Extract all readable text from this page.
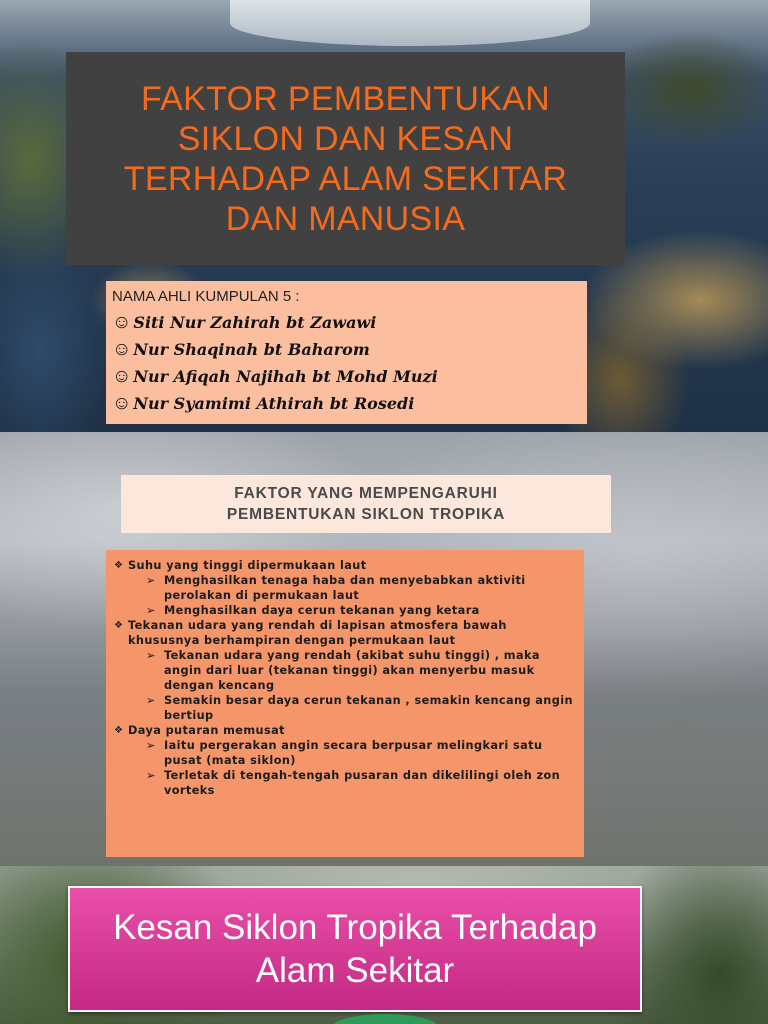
FAKTOR PEMBENTUKAN
SIKLON DAN KESAN
TERHADAP ALAM SEKITAR
DAN MANUSIA
NAMA AHLI KUMPULAN 5 :
☺ Siti Nur Zahirah bt Zawawi
☺ Nur Shaqinah bt Baharom
☺ Nur Afiqah Najihah bt Mohd Muzi
☺ Nur Syamimi Athirah bt Rosedi
FAKTOR YANG MEMPENGARUHI
PEMBENTUKAN SIKLON TROPIKA
❖ Suhu yang tinggi dipermukaan laut
➢ Menghasilkan tenaga haba dan menyebabkan aktiviti perolakan di permukaan laut
➢ Menghasilkan daya cerun tekanan yang ketara
❖ Tekanan udara yang rendah di lapisan atmosfera bawah khususnya berhampiran dengan permukaan laut
➢ Tekanan udara yang rendah (akibat suhu tinggi) , maka angin dari luar (tekanan tinggi) akan menyerbu masuk dengan kencang
➢ Semakin besar daya cerun tekanan , semakin kencang angin bertiup
❖ Daya putaran memusat
➢ Iaitu pergerakan angin secara berpusar melingkari satu pusat (mata siklon)
➢ Terletak di tengah-tengah pusaran dan dikelilingi oleh zon vorteks
Kesan Siklon Tropika Terhadap
Alam Sekitar
